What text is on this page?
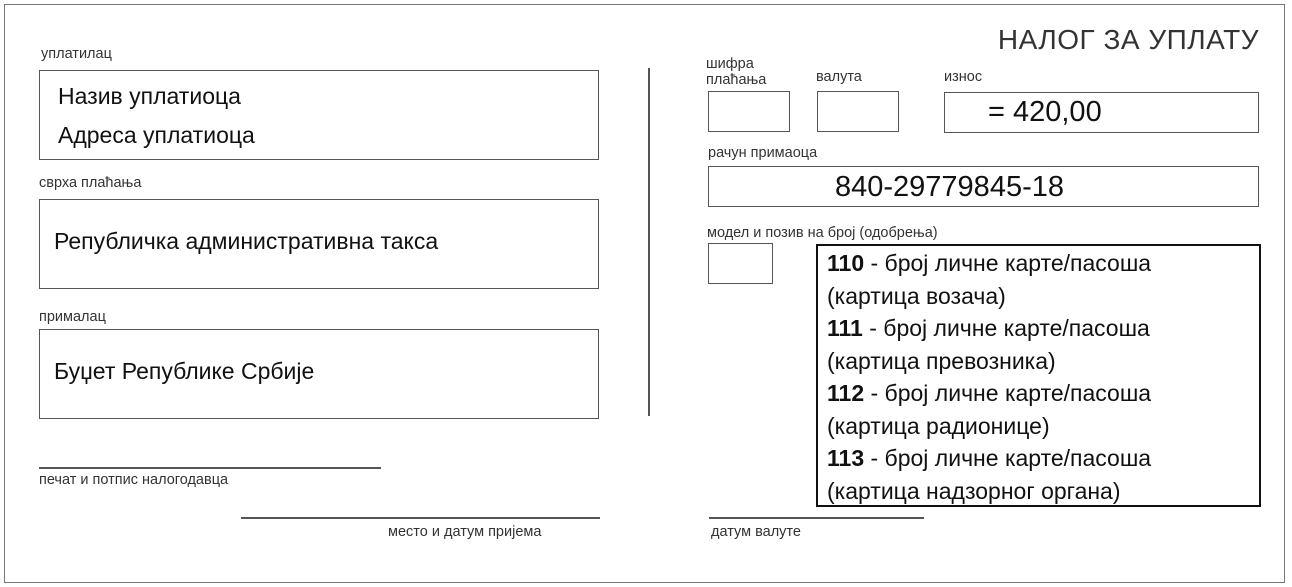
НАЛОГ ЗА УПЛАТУ
уплатилац
Назив уплатиоца
Адреса уплатиоца
сврха плаћања
Републичка административна такса
прималац
Буџет Републике Србије
печат и потпис налогодавца
место и датум пријема
шифра
плаћања	валута	износ
= 420,00
рачун примаоца
840-29779845-18
модел и позив на број (одобрења)
110 - број личне карте/пасоша
(картица возача)
111 - број личне карте/пасоша
(картица превозника)
112 - број личне карте/пасоша
(картица радионице)
113 - број личне карте/пасоша
(картица надзорног органа)
датум валуте
